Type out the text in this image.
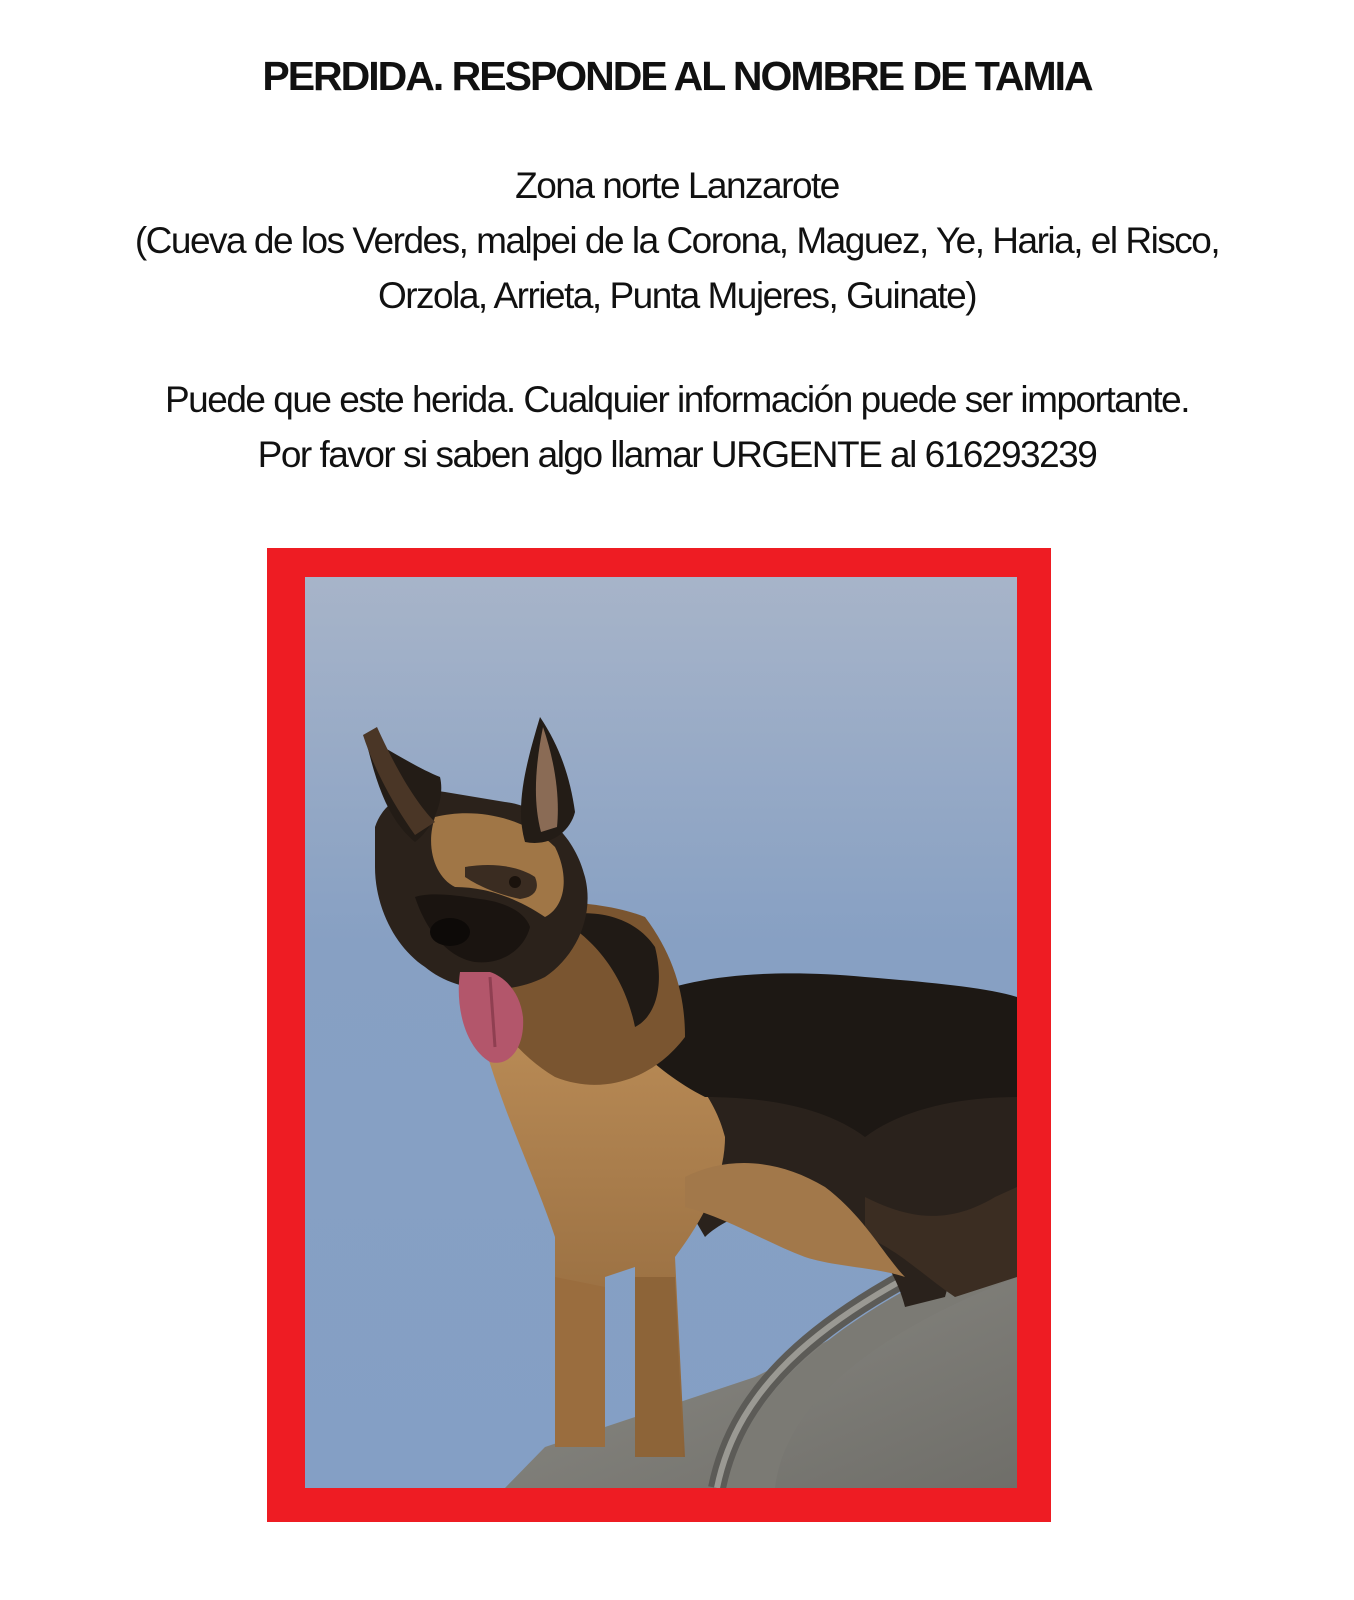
PERDIDA. RESPONDE AL NOMBRE DE TAMIA
Zona norte Lanzarote
(Cueva de los Verdes, malpei de la Corona, Maguez, Ye, Haria, el Risco,
Orzola, Arrieta, Punta Mujeres, Guinate)
Puede que este herida. Cualquier información puede ser importante.
Por favor si saben algo llamar URGENTE al 616293239
